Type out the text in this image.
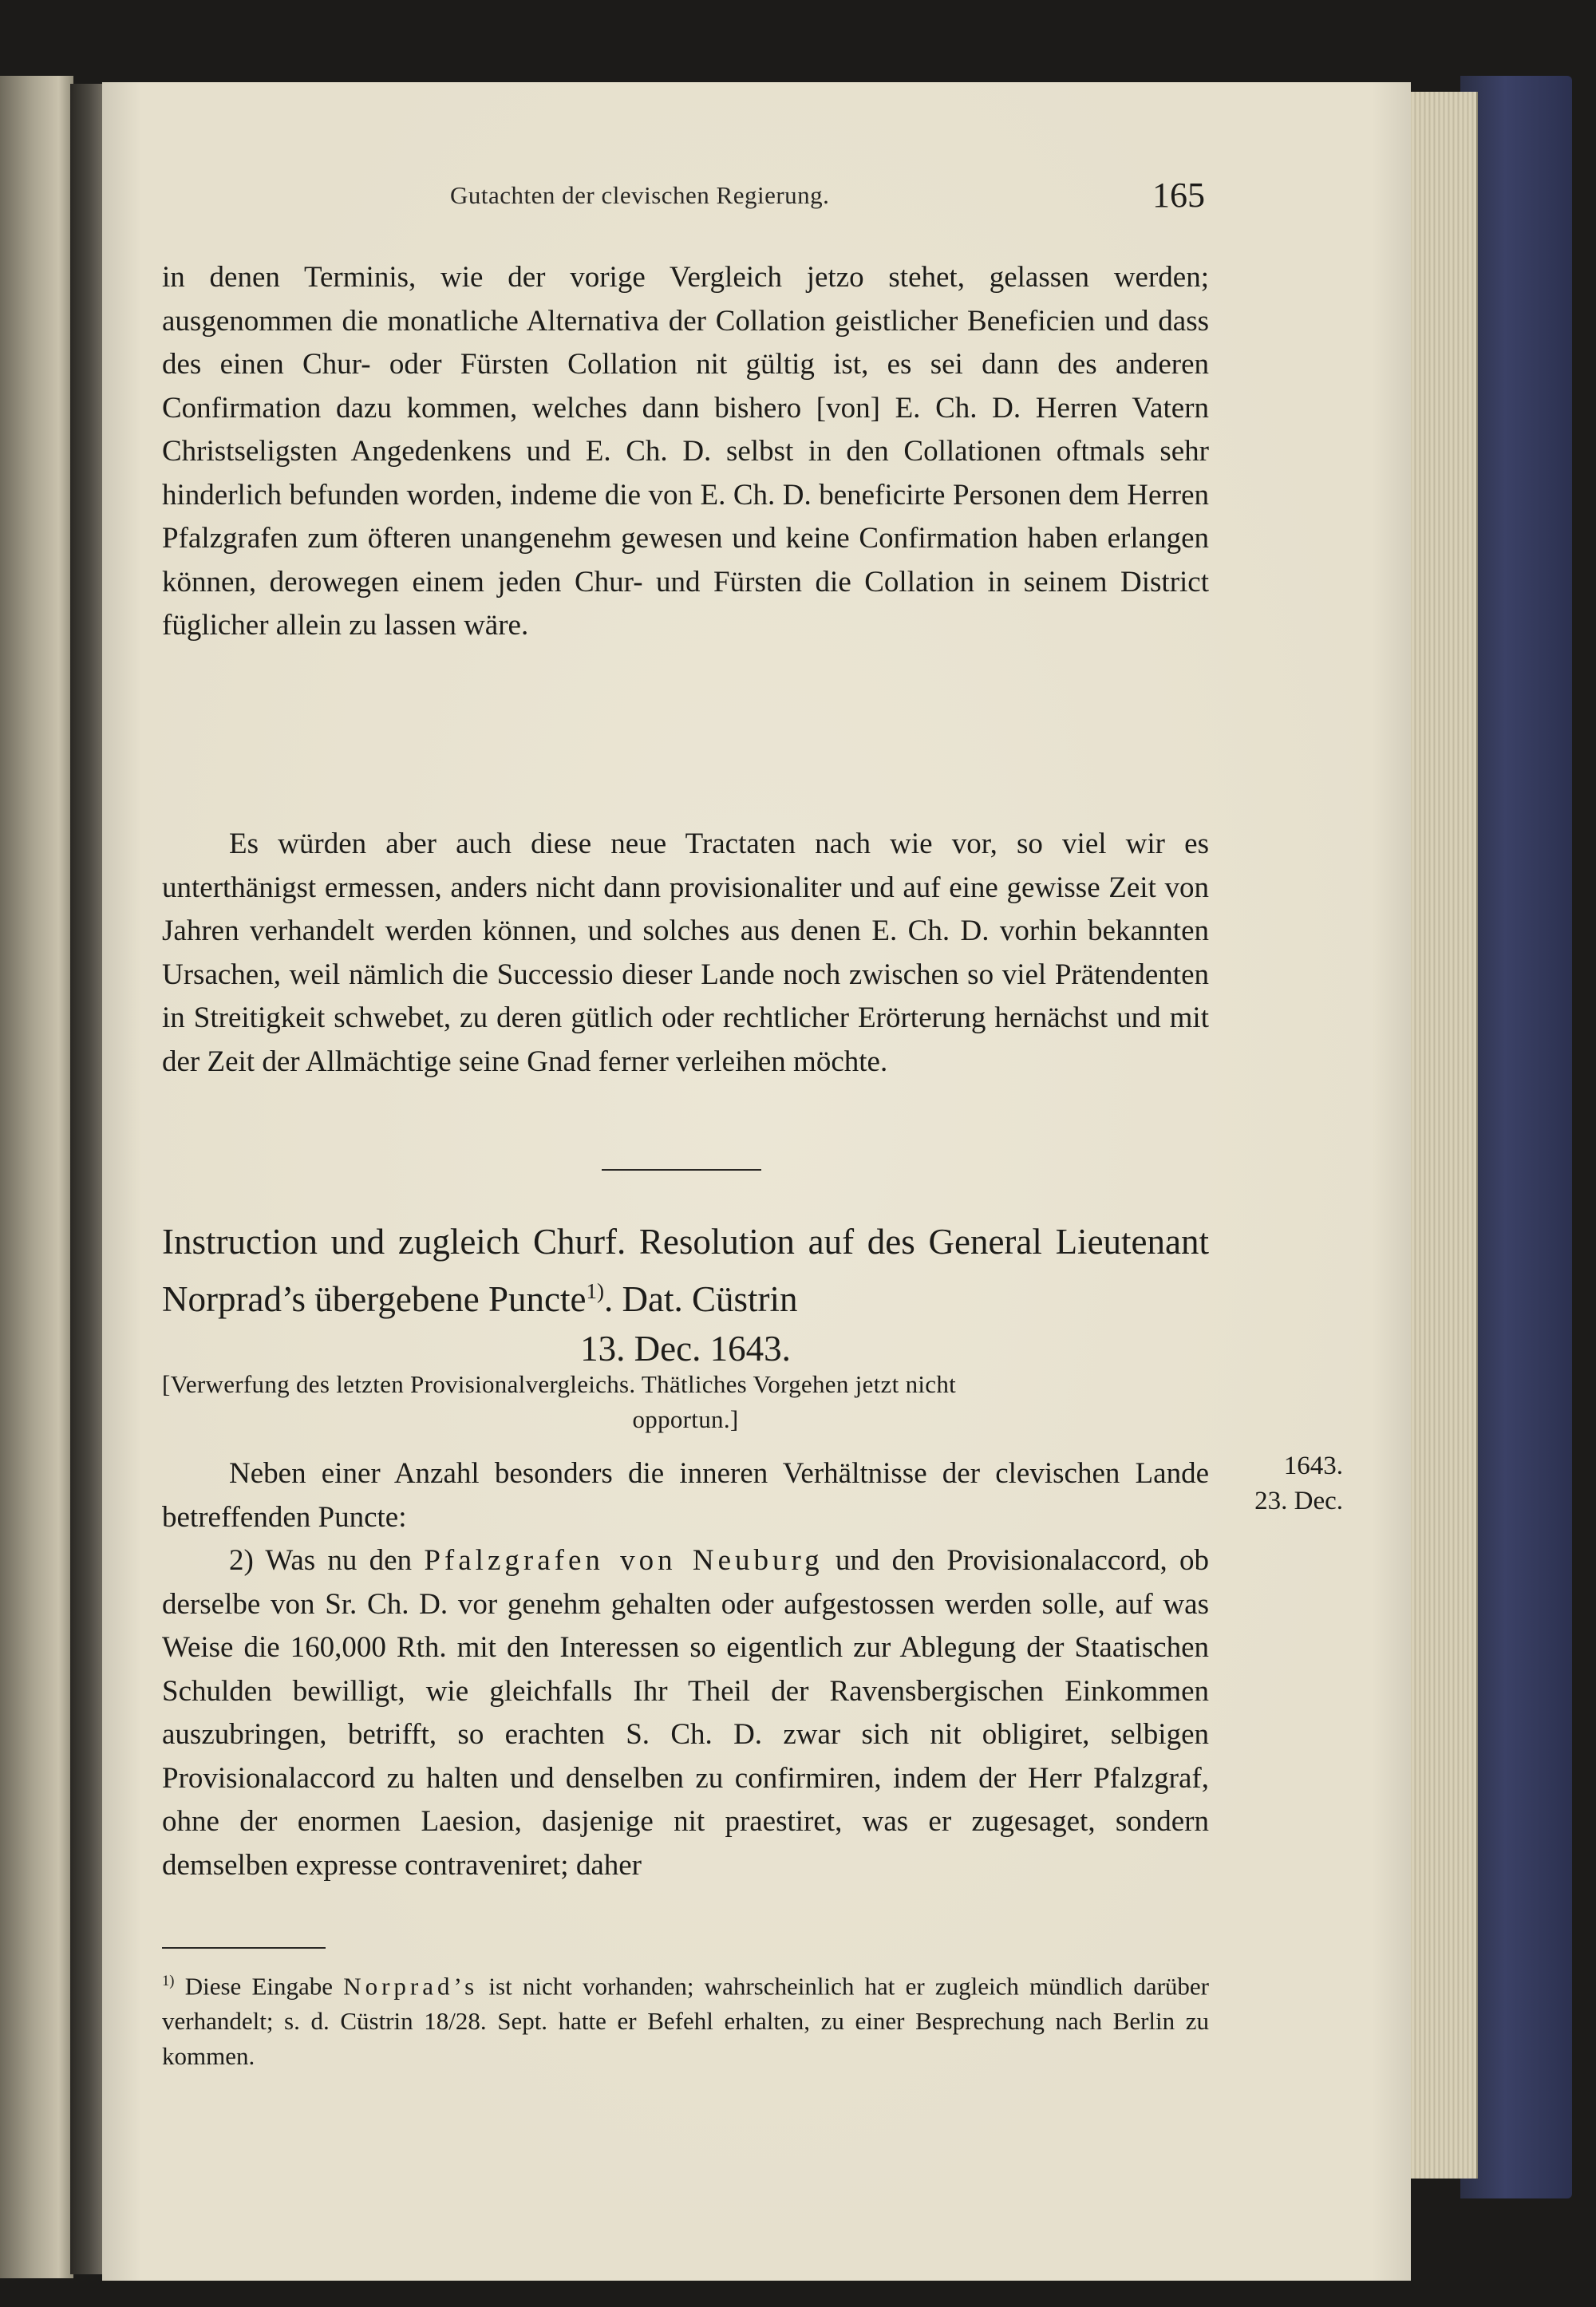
Gutachten der clevischen Regierung.	165

in denen Terminis, wie der vorige Vergleich jetzo stehet, gelassen werden; ausgenommen die monatliche Alternativa der Collation geistlicher Beneficien und dass des einen Chur- oder Fürsten Collation nit gültig ist, es sei dann des anderen Confirmation dazu kommen, welches dann bishero [von] E. Ch. D. Herren Vatern Christseligsten Angedenkens und E. Ch. D. selbst in den Collationen oftmals sehr hinderlich befunden worden, indeme die von E. Ch. D. beneficirte Personen dem Herren Pfalzgrafen zum öfteren unangenehm gewesen und keine Confirmation haben erlangen können, derowegen einem jeden Chur- und Fürsten die Collation in seinem District füglicher allein zu lassen wäre.

Es würden aber auch diese neue Tractaten nach wie vor, so viel wir es unterthänigst ermessen, anders nicht dann provisionaliter und auf eine gewisse Zeit von Jahren verhandelt werden können, und solches aus denen E. Ch. D. vorhin bekannten Ursachen, weil nämlich die Successio dieser Lande noch zwischen so viel Prätendenten in Streitigkeit schwebet, zu deren gütlich oder rechtlicher Erörterung hernächst und mit der Zeit der Allmächtige seine Gnad ferner verleihen möchte.

Instruction und zugleich Churf. Resolution auf des General Lieutenant Norprad’s übergebene Puncte$^{1)}$. Dat. Cüstrin
13. Dec. 1643.
[Verwerfung des letzten Provisionalvergleichs. Thätliches Vorgehen jetzt nicht
opportun.]
1643.
23. Dec.

Neben einer Anzahl besonders die inneren Verhältnisse der clevischen Lande betreffenden Puncte:

2) Was nu den Pfalzgrafen von Neuburg und den Provisionalaccord, ob derselbe von Sr. Ch. D. vor genehm gehalten oder aufgestossen werden solle, auf was Weise die 160,000 Rth. mit den Interessen so eigentlich zur Ablegung der Staatischen Schulden bewilligt, wie gleichfalls Ihr Theil der Ravensbergischen Einkommen auszubringen, betrifft, so erachten S. Ch. D. zwar sich nit obligiret, selbigen Provisionalaccord zu halten und denselben zu confirmiren, indem der Herr Pfalzgraf, ohne der enormen Laesion, dasjenige nit praestiret, was er zugesaget, sondern demselben expresse contraveniret; daher

$^{1)}$ Diese Eingabe Norprad’s ist nicht vorhanden; wahrscheinlich hat er zugleich mündlich darüber verhandelt; s. d. Cüstrin 18/28. Sept. hatte er Befehl erhalten, zu einer Besprechung nach Berlin zu kommen.
